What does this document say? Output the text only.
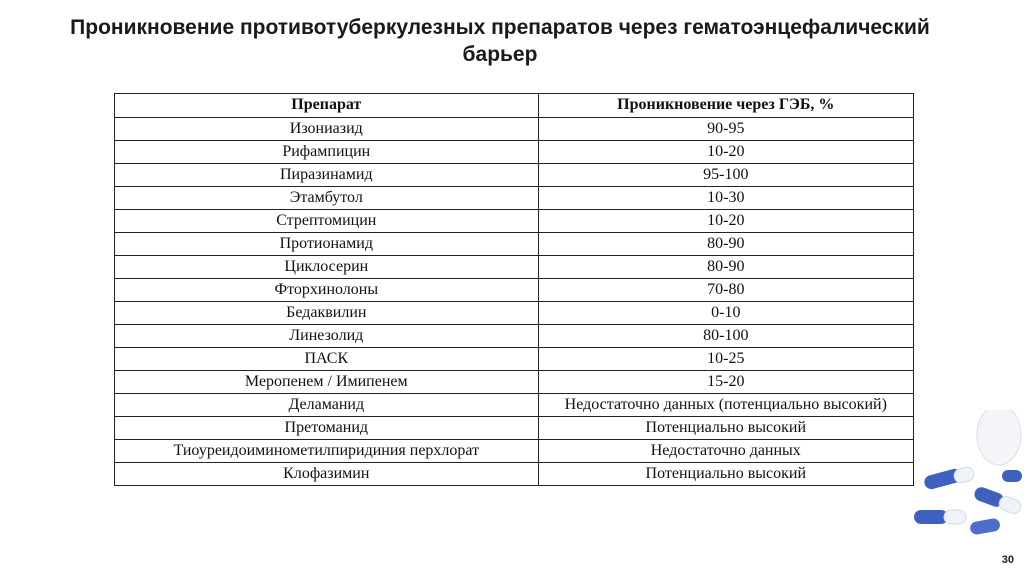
Проникновение противотуберкулезных препаратов через гематоэнцефалический барьер
Препарат	Проникновение через ГЭБ, %
Изониазид	90-95
Рифампицин	10-20
Пиразинамид	95-100
Этамбутол	10-30
Стрептомицин	10-20
Протионамид	80-90
Циклосерин	80-90
Фторхинолоны	70-80
Бедаквилин	0-10
Линезолид	80-100
ПАСК	10-25
Меропенем / Имипенем	15-20
Деламанид	Недостаточно данных (потенциально высокий)
Претоманид	Потенциально высокий
Тиоуреидоиминометилпиридиния перхлорат	Недостаточно данных
Клофазимин	Потенциально высокий
30
